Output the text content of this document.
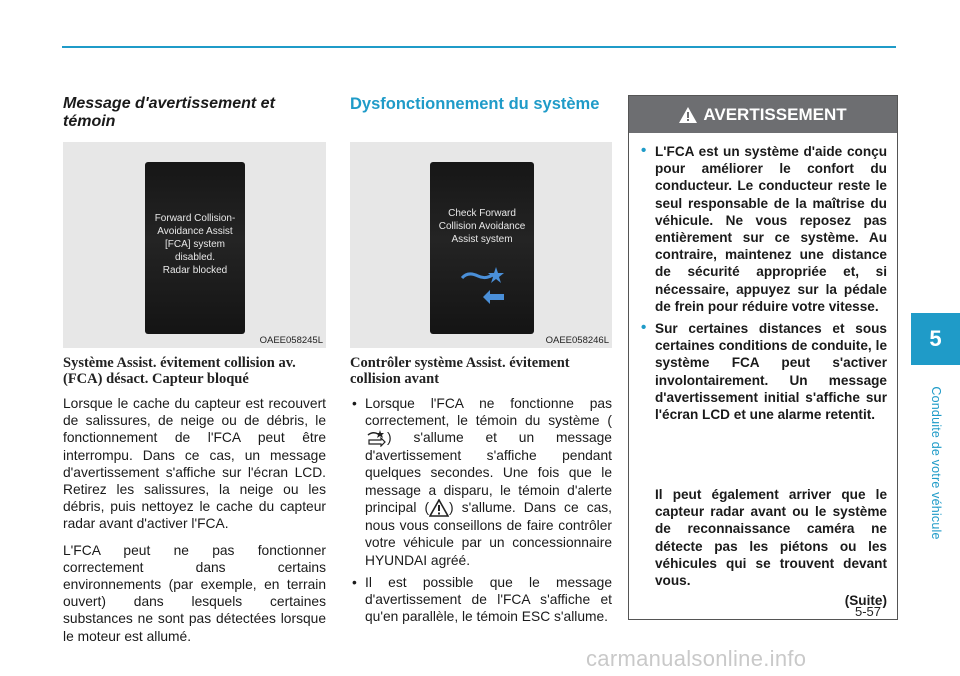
5
Conduite de votre véhicule

Message d'avertissement et témoin

Forward Collision-
Avoidance Assist
[FCA] system
disabled.
Radar blocked
OAEE058245L

Système Assist. évitement collision av. (FCA) désact. Capteur bloqué

Lorsque le cache du capteur est recouvert de salissures, de neige ou de débris, le fonctionnement de l'FCA peut être interrompu. Dans ce cas, un message d'avertissement s'affiche sur l'écran LCD. Retirez les salissures, la neige ou les débris, puis nettoyez le cache du capteur radar avant d'activer l'FCA.

L'FCA peut ne pas fonctionner correctement dans certains environnements (par exemple, en terrain ouvert) dans lesquels certaines substances ne sont pas détectées lorsque le moteur est allumé.

Dysfonctionnement du système

Check Forward
Collision Avoidance
Assist system
OAEE058246L

Contrôler système Assist. évitement collision avant

• Lorsque l'FCA ne fonctionne pas correctement, le témoin du système () s'allume et un message d'avertissement s'affiche pendant quelques secondes. Une fois que le message a disparu, le témoin d'alerte principal ( ) s'allume. Dans ce cas, nous vous conseillons de faire contrôler votre véhicule par un concessionnaire HYUNDAI agréé.
• Il est possible que le message d'avertissement de l'FCA s'affiche et qu'en parallèle, le témoin ESC s'allume.
AVERTISSEMENT
• L'FCA est un système d'aide conçu pour améliorer le confort du conducteur. Le conducteur reste le seul responsable de la maîtrise du véhicule. Ne vous reposez pas entièrement sur ce système. Au contraire, maintenez une distance de sécurité appropriée et, si nécessaire, appuyez sur la pédale de frein pour réduire votre vitesse.
• Sur certaines distances et sous certaines conditions de conduite, le système FCA peut s'activer involontairement. Un message d'avertissement initial s'affiche sur l'écran LCD et une alarme retentit.
Il peut également arriver que le capteur radar avant ou le système de reconnaissance caméra ne détecte pas les piétons ou les véhicules qui se trouvent devant vous.
(Suite)
5-57
carmanualsonline.info
